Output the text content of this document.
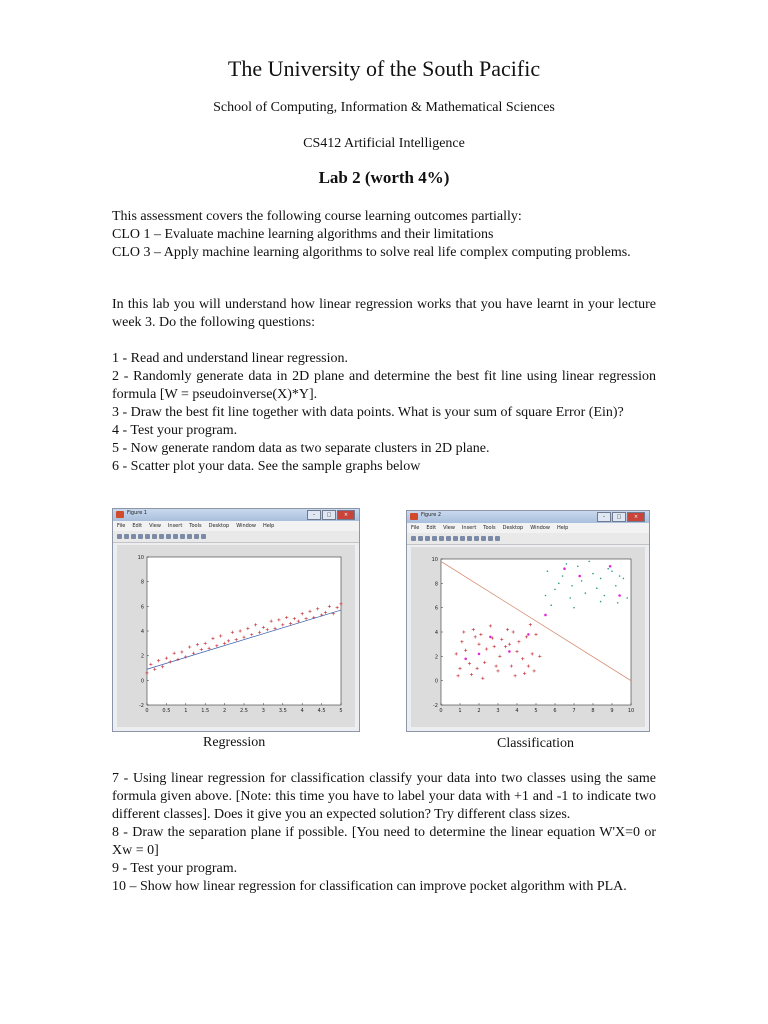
The University of the South Pacific
School of Computing, Information & Mathematical Sciences
CS412 Artificial Intelligence
Lab 2 (worth 4%)
This assessment covers the following course learning outcomes partially:
CLO 1 – Evaluate machine learning algorithms and their limitations
CLO 3 – Apply machine learning algorithms to solve real life complex computing problems.
In this lab you will understand how linear regression works that you have learnt in your lecture week 3. Do the following questions:
1 - Read and understand linear regression.
2 - Randomly generate data in 2D plane and determine the best fit line using linear regression formula [W = pseudoinverse(X)*Y].
3 - Draw the best fit line together with data points. What is your sum of square Error (Ein)?
4 - Test your program.
5 - Now generate random data as two separate clusters in 2D plane.
6 - Scatter plot your data. See the sample graphs below
Figure 1	–	□	×
File Edit View Insert Tools Desktop Window Help
0	0.5	1	1.5	2	2.5	3	3.5	4	4.5	5
-2
0
2
4
6
8
10
Figure 2	–	□	×
File Edit View Insert Tools Desktop Window Help
0	1	2	3	4	5	6	7	8	9	10
-2
0
2
4
6
8
10
Regression	Classification
7 - Using linear regression for classification classify your data into two classes using the same formula given above. [Note: this time you have to label your data with +1 and -1 to indicate two different classes]. Does it give you an expected solution? Try different class sizes.
8 - Draw the separation plane if possible. [You need to determine the linear equation W'X=0 or Xw = 0]
9 - Test your program.
10 – Show how linear regression for classification can improve pocket algorithm with PLA.
